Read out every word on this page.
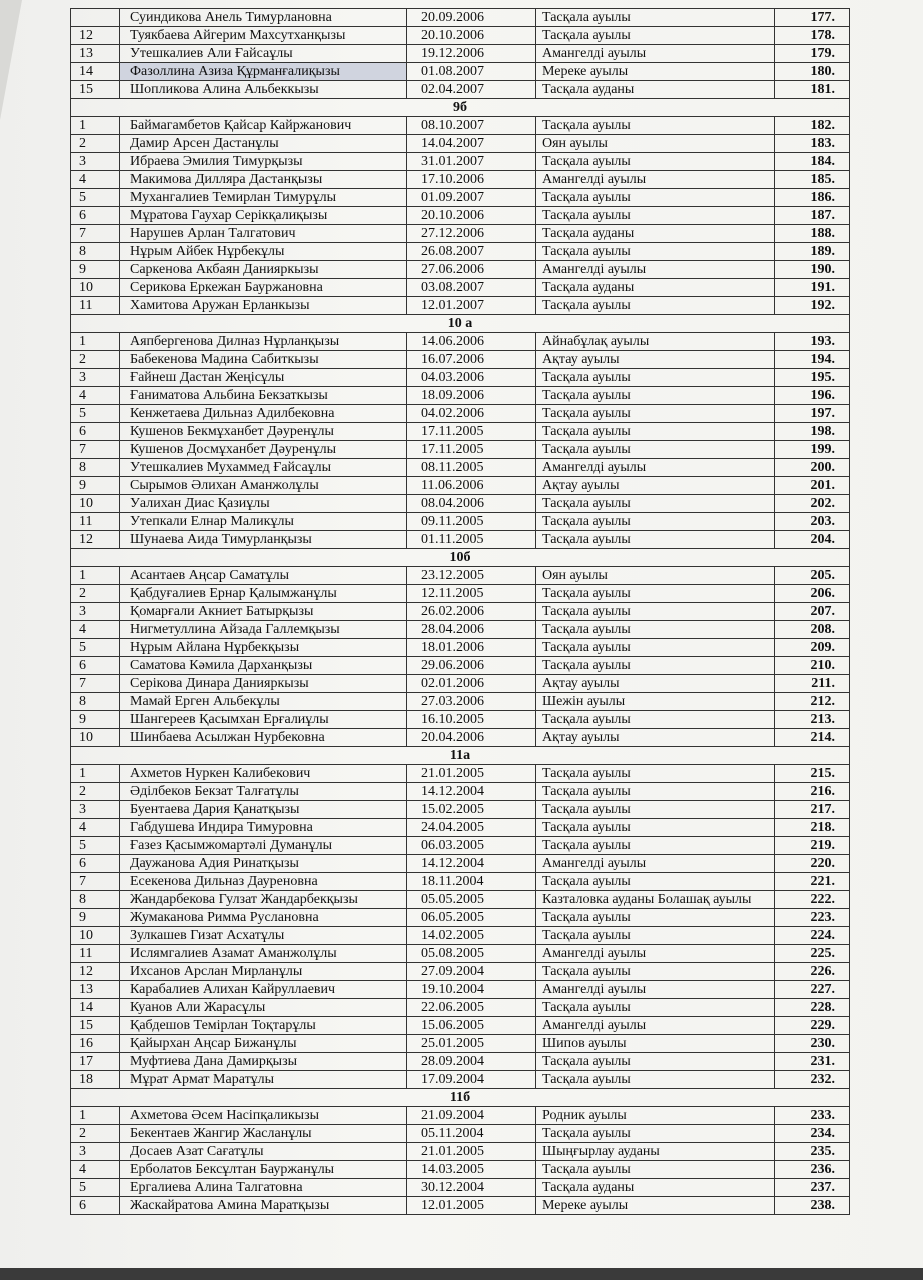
	Суиндикова Анель Тимурлановна	20.09.2006	Тасқала ауылы	177.
12	Туякбаева Айгерим Махсутханқызы	20.10.2006	Тасқала ауылы	178.
13	Утешкалиев Али Ғайсаұлы	19.12.2006	Амангелді ауылы	179.
14	Фазоллина Азиза Құрманғалиқызы	01.08.2007	Мереке ауылы	180.
15	Шопликова Алина Альбеккызы	02.04.2007	Тасқала ауданы	181.
9б				
1	Баймагамбетов Қайсар Кайржанович	08.10.2007	Тасқала ауылы	182.
2	Дамир Арсен Дастанұлы	14.04.2007	Оян ауылы	183.
3	Ибраева Эмилия Тимурқызы	31.01.2007	Тасқала ауылы	184.
4	Макимова Дилляра Дастанқызы	17.10.2006	Амангелді ауылы	185.
5	Мухангалиев Темирлан Тимурұлы	01.09.2007	Тасқала ауылы	186.
6	Мұратова Гаухар Серікқалиқызы	20.10.2006	Тасқала ауылы	187.
7	Нарушев Арлан Талгатович	27.12.2006	Тасқала ауданы	188.
8	Нұрым Айбек Нұрбекұлы	26.08.2007	Тасқала ауылы	189.
9	Саркенова Акбаян Данияркызы	27.06.2006	Амангелді ауылы	190.
10	Серикова Еркежан Бауржановна	03.08.2007	Тасқала ауданы	191.
11	Хамитова Аружан Ерланкызы	12.01.2007	Тасқала ауылы	192.
10 а				
1	Аяпбергенова Дилназ Нұрланқызы	14.06.2006	Айнабұлақ ауылы	193.
2	Бабекенова Мадина Сабиткызы	16.07.2006	Ақтау ауылы	194.
3	Ғайнеш Дастан Жеңісұлы	04.03.2006	Тасқала ауылы	195.
4	Ғаниматова Альбина Бекзаткызы	18.09.2006	Тасқала ауылы	196.
5	Кенжетаева Дильназ Адилбековна	04.02.2006	Тасқала ауылы	197.
6	Кушенов Бекмұханбет Дәуренұлы	17.11.2005	Тасқала ауылы	198.
7	Кушенов Досмұханбет Дәуренұлы	17.11.2005	Тасқала ауылы	199.
8	Утешкалиев Мухаммед Ғайсаұлы	08.11.2005	Амангелді ауылы	200.
9	Сырымов Әлихан Аманжолұлы	11.06.2006	Ақтау ауылы	201.
10	Уалихан Диас Қазиұлы	08.04.2006	Тасқала ауылы	202.
11	Утепкали Елнар Маликұлы	09.11.2005	Тасқала ауылы	203.
12	Шунаева Аида Тимурланқызы	01.11.2005	Тасқала ауылы	204.
10б				
1	Асантаев Аңсар Саматұлы	23.12.2005	Оян ауылы	205.
2	Қабдуғалиев Ернар Қалымжанұлы	12.11.2005	Тасқала ауылы	206.
3	Қомарғали Акниет Батырқызы	26.02.2006	Тасқала ауылы	207.
4	Нигметуллина Айзада Галлемқызы	28.04.2006	Тасқала ауылы	208.
5	Нұрым Айлана Нұрбекқызы	18.01.2006	Тасқала ауылы	209.
6	Саматова Кәмила Дарханқызы	29.06.2006	Тасқала ауылы	210.
7	Серікова Динара Данияркызы	02.01.2006	Ақтау ауылы	211.
8	Мамай Ерген Альбекұлы	27.03.2006	Шежін ауылы	212.
9	Шангереев Қасымхан Ерғалиұлы	16.10.2005	Тасқала ауылы	213.
10	Шинбаева Асылжан Нурбековна	20.04.2006	Ақтау ауылы	214.
11а				
1	Ахметов Нуркен Калибекович	21.01.2005	Тасқала ауылы	215.
2	Әділбеков Бекзат Талғатұлы	14.12.2004	Тасқала ауылы	216.
3	Буентаева Дария Қанатқызы	15.02.2005	Тасқала ауылы	217.
4	Габдушева Индира Тимуровна	24.04.2005	Тасқала ауылы	218.
5	Ғазез Қасымжомартәлі Думанұлы	06.03.2005	Тасқала ауылы	219.
6	Даужанова Адия Ринатқызы	14.12.2004	Амангелді ауылы	220.
7	Есекенова Дильназ Дауреновна	18.11.2004	Тасқала ауылы	221.
8	Жандарбекова Гулзат Жандарбекқызы	05.05.2005	Казталовка ауданы Болашақ ауылы	222.
9	Жумаканова Римма Руслановна	06.05.2005	Тасқала ауылы	223.
10	Зулкашев Гизат Асхатұлы	14.02.2005	Тасқала ауылы	224.
11	Ислямгалиев Азамат Аманжолұлы	05.08.2005	Амангелді ауылы	225.
12	Ихсанов Арслан Мирланұлы	27.09.2004	Тасқала ауылы	226.
13	Карабалиев Алихан Кайруллаевич	19.10.2004	Амангелді ауылы	227.
14	Куанов Али Жарасұлы	22.06.2005	Тасқала ауылы	228.
15	Қабдешов Темірлан Тоқтарұлы	15.06.2005	Амангелді ауылы	229.
16	Қайырхан Аңсар Бижанұлы	25.01.2005	Шипов ауылы	230.
17	Муфтиева Дана Дамирқызы	28.09.2004	Тасқала ауылы	231.
18	Мұрат Армат Маратұлы	17.09.2004	Тасқала ауылы	232.
11б				
1	Ахметова Әсем Насіпқаликызы	21.09.2004	Родник ауылы	233.
2	Бекентаев Жангир Жасланұлы	05.11.2004	Тасқала ауылы	234.
3	Досаев Азат Сағатұлы	21.01.2005	Шыңғырлау ауданы	235.
4	Ерболатов Бексұлтан Бауржанұлы	14.03.2005	Тасқала ауылы	236.
5	Ергалиева Алина Талгатовна	30.12.2004	Тасқала ауданы	237.
6	Жаскайратова Амина Маратқызы	12.01.2005	Мереке ауылы	238.
